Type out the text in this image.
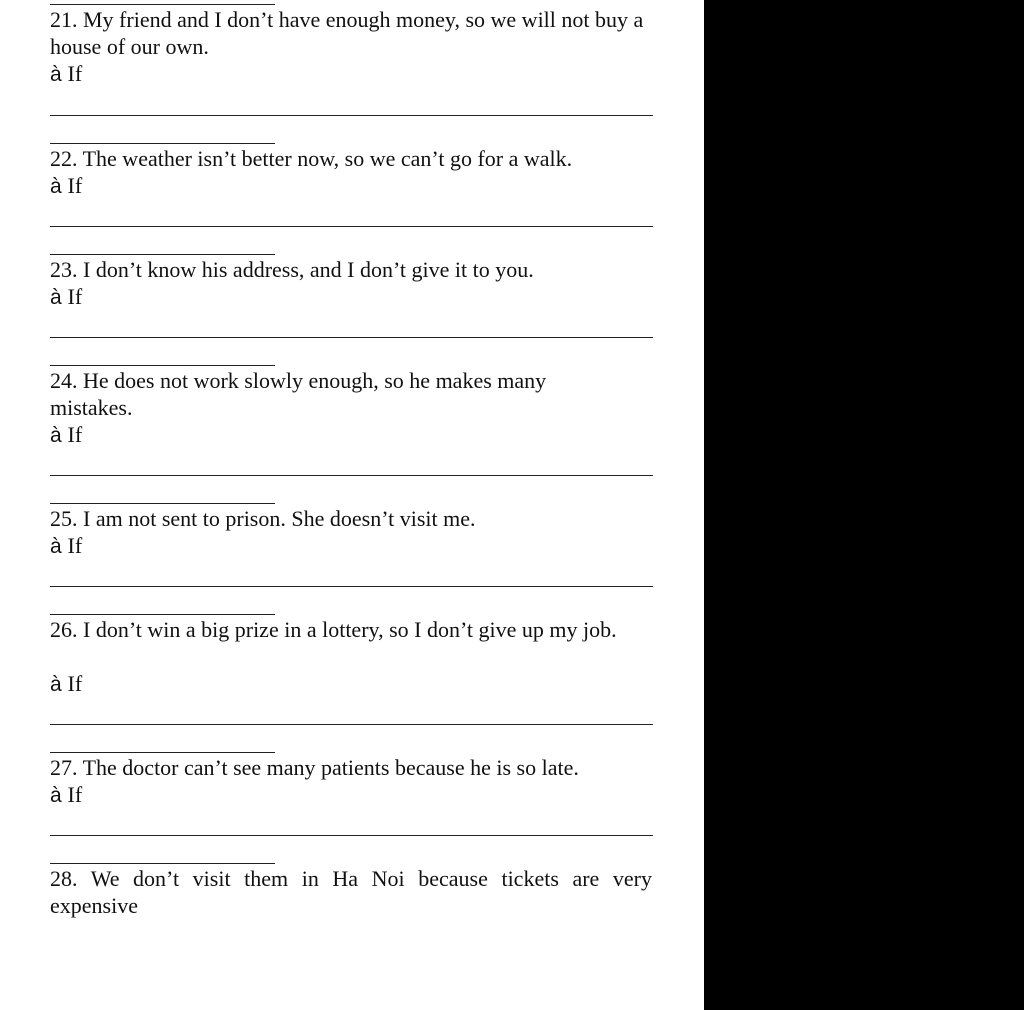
21. My friend and I don’t have enough money, so we will not buy a house of our own.

à If

22. The weather isn’t better now, so we can’t go for a walk.

à If

23. I don’t know his address, and I don’t give it to you.

à If

24. He does not work slowly enough, so he makes many mistakes.

à If

25. I am not sent to prison. She doesn’t visit me.

à If

26. I don’t win a big prize in a lottery, so I don’t give up my job.

à If

27. The doctor can’t see many patients because he is so late.

à If

28. We don’t visit them in Ha Noi because tickets are very expensive
